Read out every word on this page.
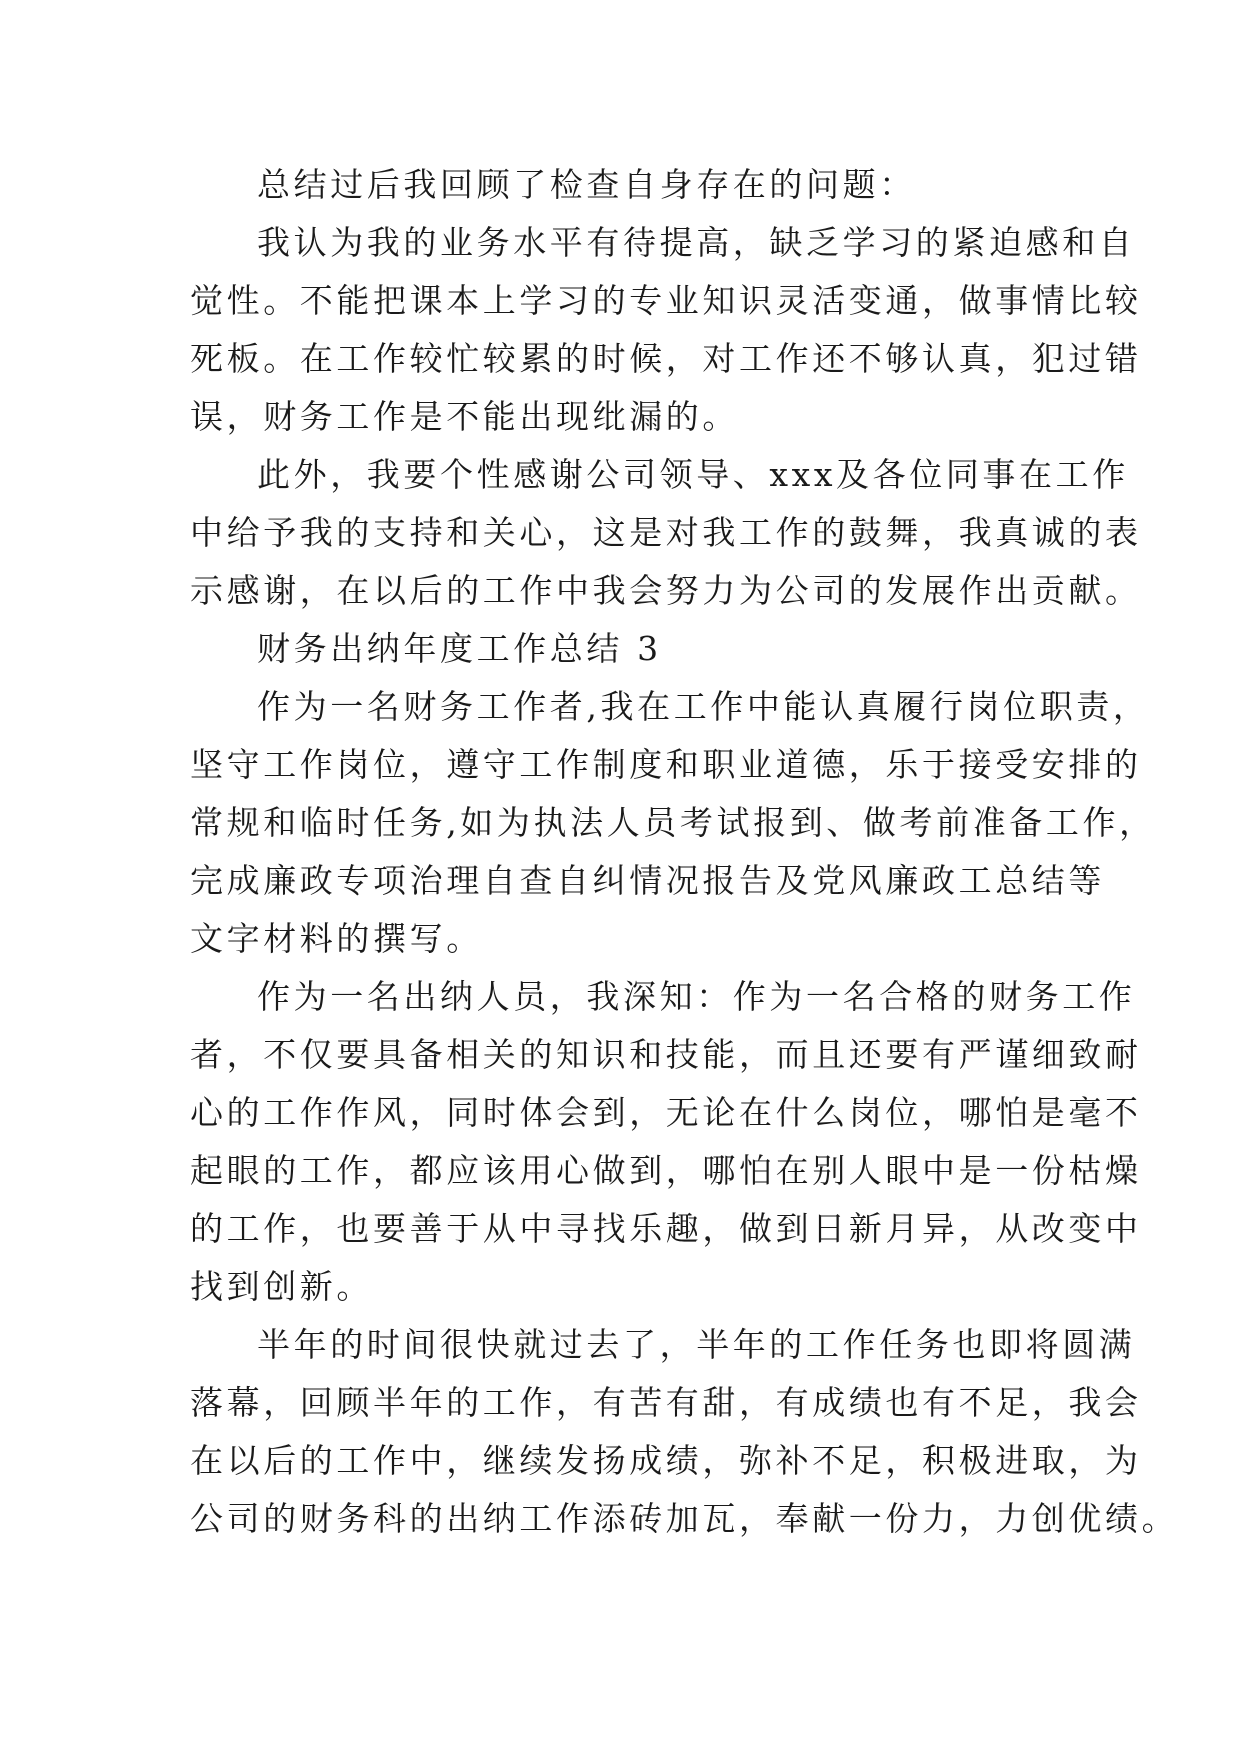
总结过后我回顾了检查自身存在的问题：
我认为我的业务水平有待提高，缺乏学习的紧迫感和自
觉性。不能把课本上学习的专业知识灵活变通，做事情比较
死板。在工作较忙较累的时候，对工作还不够认真，犯过错
误，财务工作是不能出现纰漏的。
此外，我要个性感谢公司领导、xxx及各位同事在工作
中给予我的支持和关心，这是对我工作的鼓舞，我真诚的表
示感谢，在以后的工作中我会努力为公司的发展作出贡献。
财务出纳年度工作总结 3
作为一名财务工作者,我在工作中能认真履行岗位职责，
坚守工作岗位，遵守工作制度和职业道德，乐于接受安排的
常规和临时任务,如为执法人员考试报到、做考前准备工作，
完成廉政专项治理自查自纠情况报告及党风廉政工总结等
文字材料的撰写。
作为一名出纳人员，我深知：作为一名合格的财务工作
者，不仅要具备相关的知识和技能，而且还要有严谨细致耐
心的工作作风，同时体会到，无论在什么岗位，哪怕是毫不
起眼的工作，都应该用心做到，哪怕在别人眼中是一份枯燥
的工作，也要善于从中寻找乐趣，做到日新月异，从改变中
找到创新。
半年的时间很快就过去了，半年的工作任务也即将圆满
落幕，回顾半年的工作，有苦有甜，有成绩也有不足，我会
在以后的工作中，继续发扬成绩，弥补不足，积极进取，为
公司的财务科的出纳工作添砖加瓦，奉献一份力，力创优绩。
